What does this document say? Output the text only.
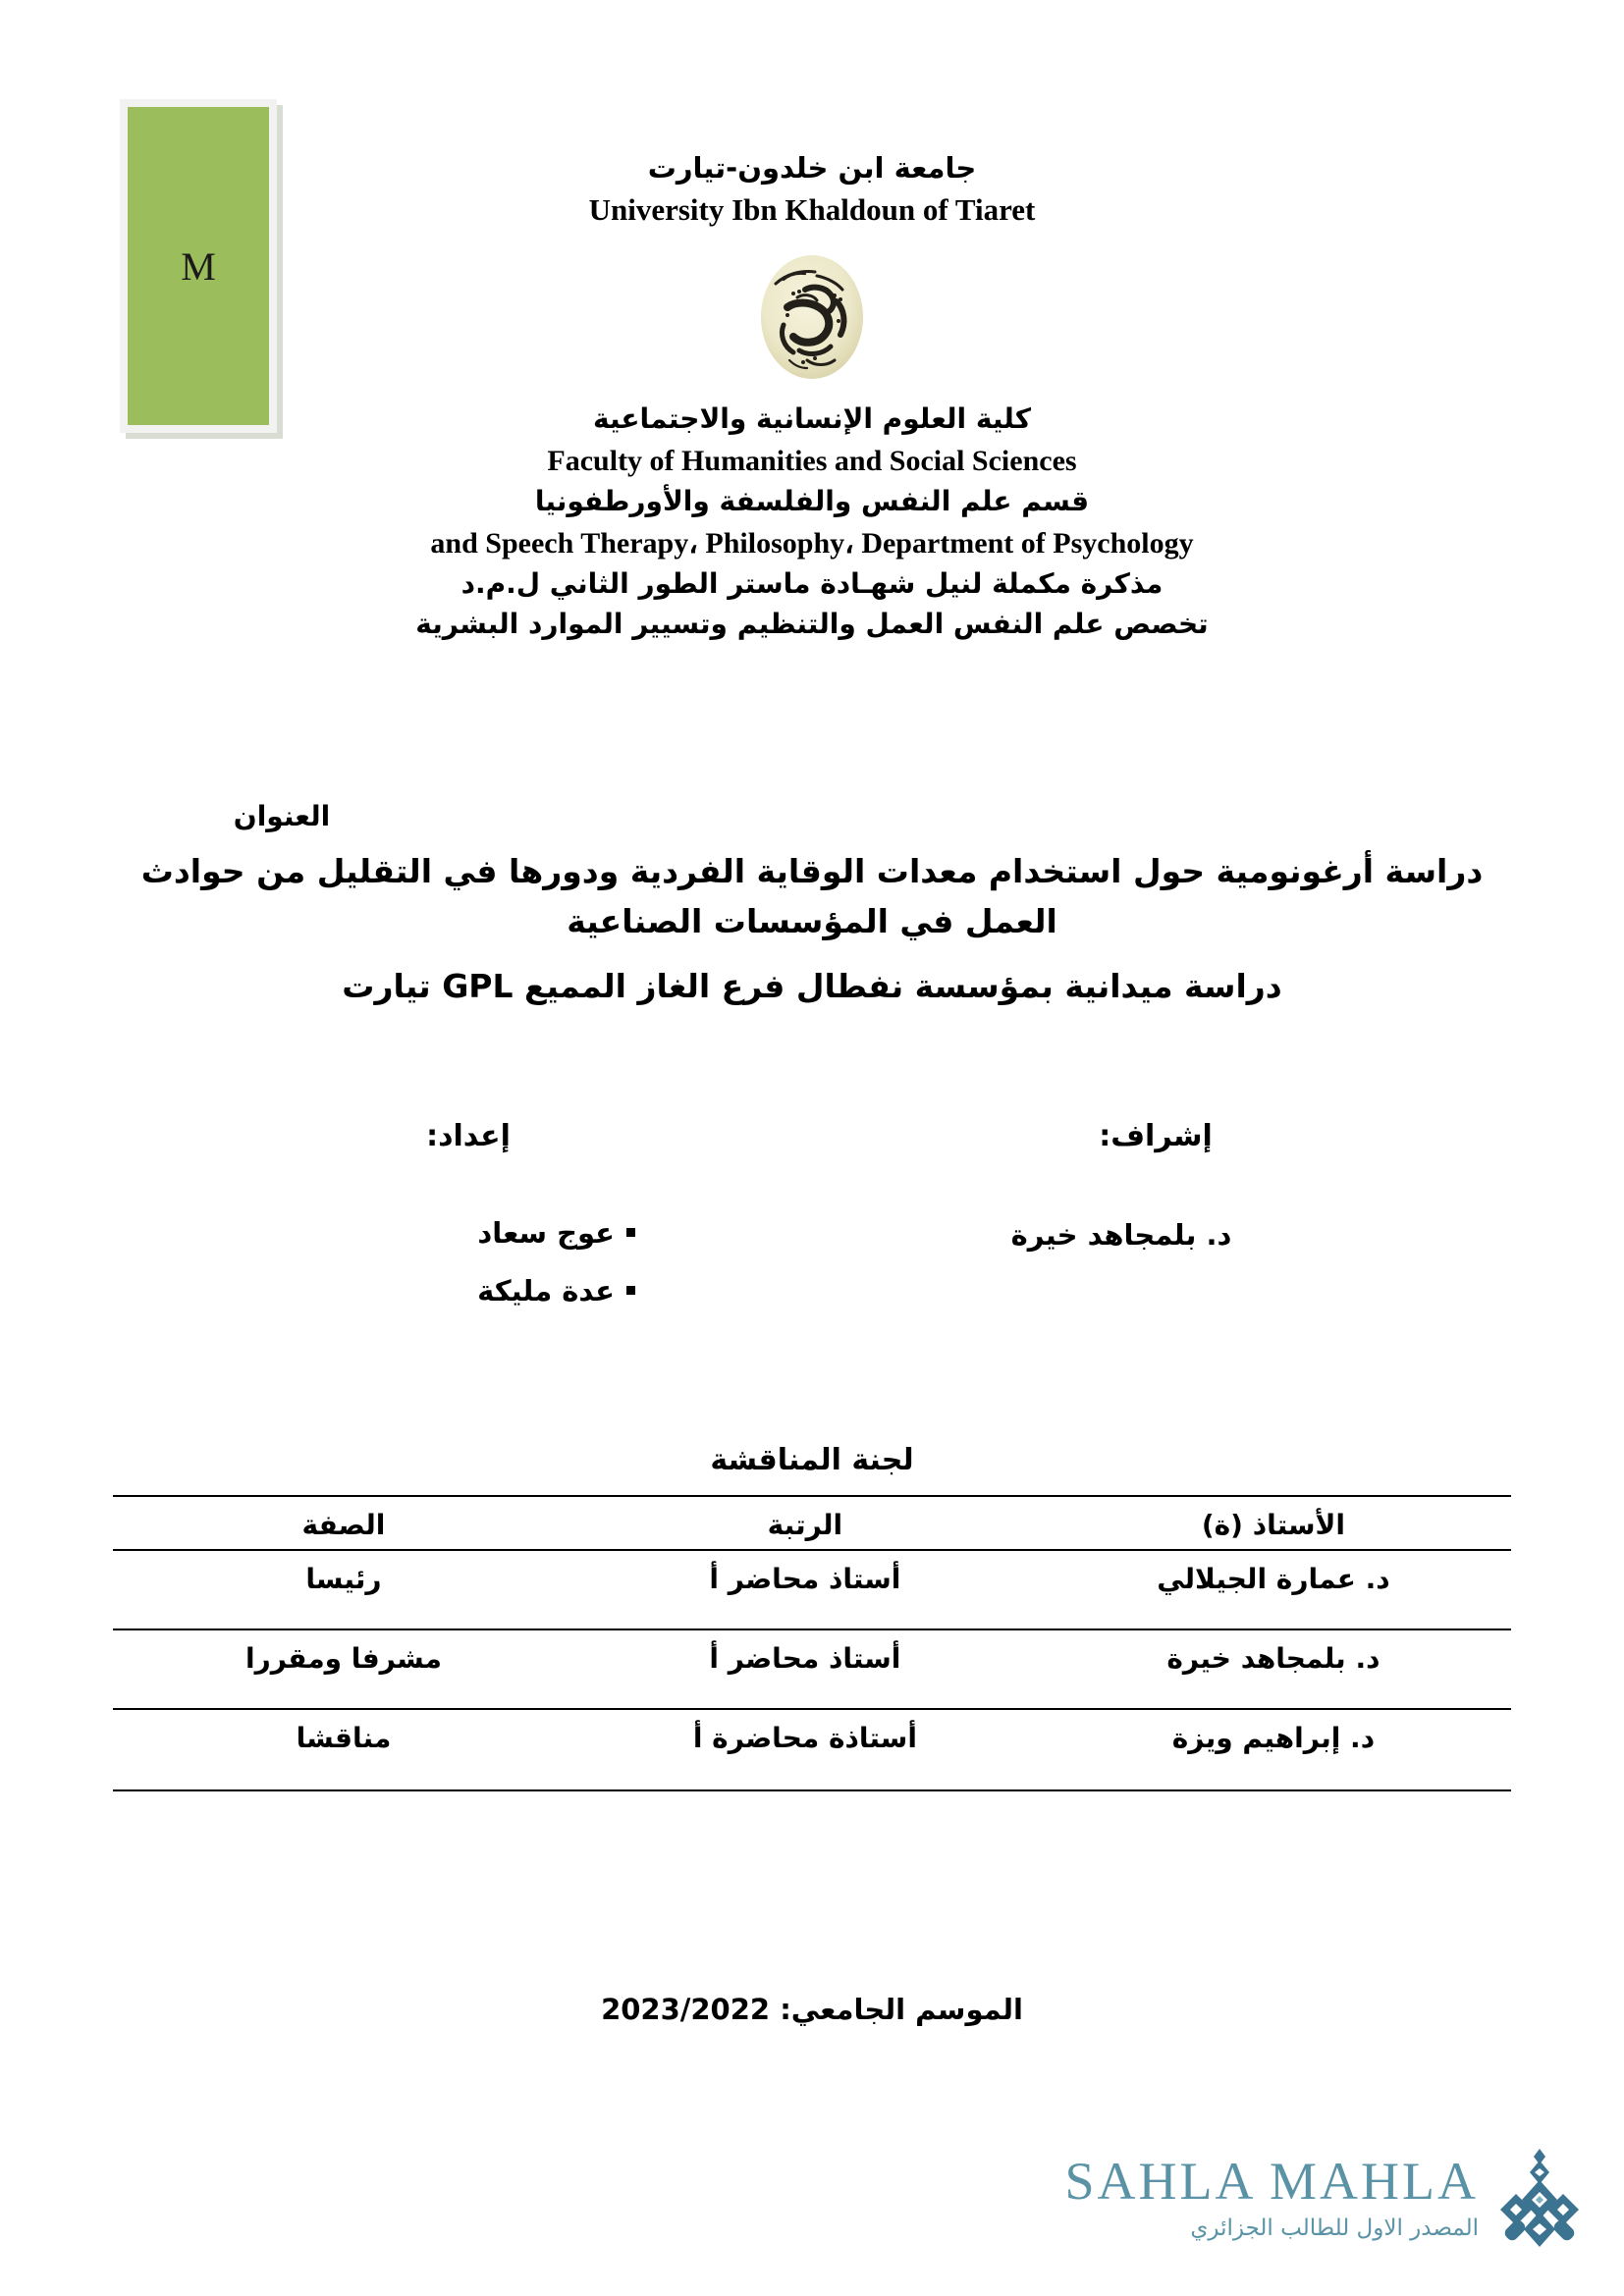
M
جامعة ابن خلدون-تيارت
University Ibn Khaldoun of Tiaret
كلية العلوم الإنسانية والاجتماعية
Faculty of Humanities and Social Sciences
قسم علم النفس والفلسفة والأورطفونيا
and Speech Therapy، Philosophy، Department of Psychology
مذكرة مكملة لنيل شهـادة ماستر الطور الثاني ل.م.د
تخصص علم النفس العمل والتنظيم وتسيير الموارد البشرية
العنوان
دراسة أرغونومية حول استخدام معدات الوقاية الفردية ودورها في التقليل من حوادث العمل في المؤسسات الصناعية
دراسة ميدانية بمؤسسة نفطال فرع الغاز المميع GPL تيارت
إشراف:
إعداد:
د. بلمجاهد خيرة
عوج سعاد
عدة مليكة
لجنة المناقشة
الأستاذ (ة)	الرتبة	الصفة
د. عمارة الجيلالي	أستاذ محاضر أ	رئيسا
د. بلمجاهد خيرة	أستاذ محاضر أ	مشرفا ومقررا
د. إبراهيم ويزة	أستاذة محاضرة أ	مناقشا
الموسم الجامعي: 2023/2022
SAHLA MAHLA
المصدر الاول للطالب الجزائري
